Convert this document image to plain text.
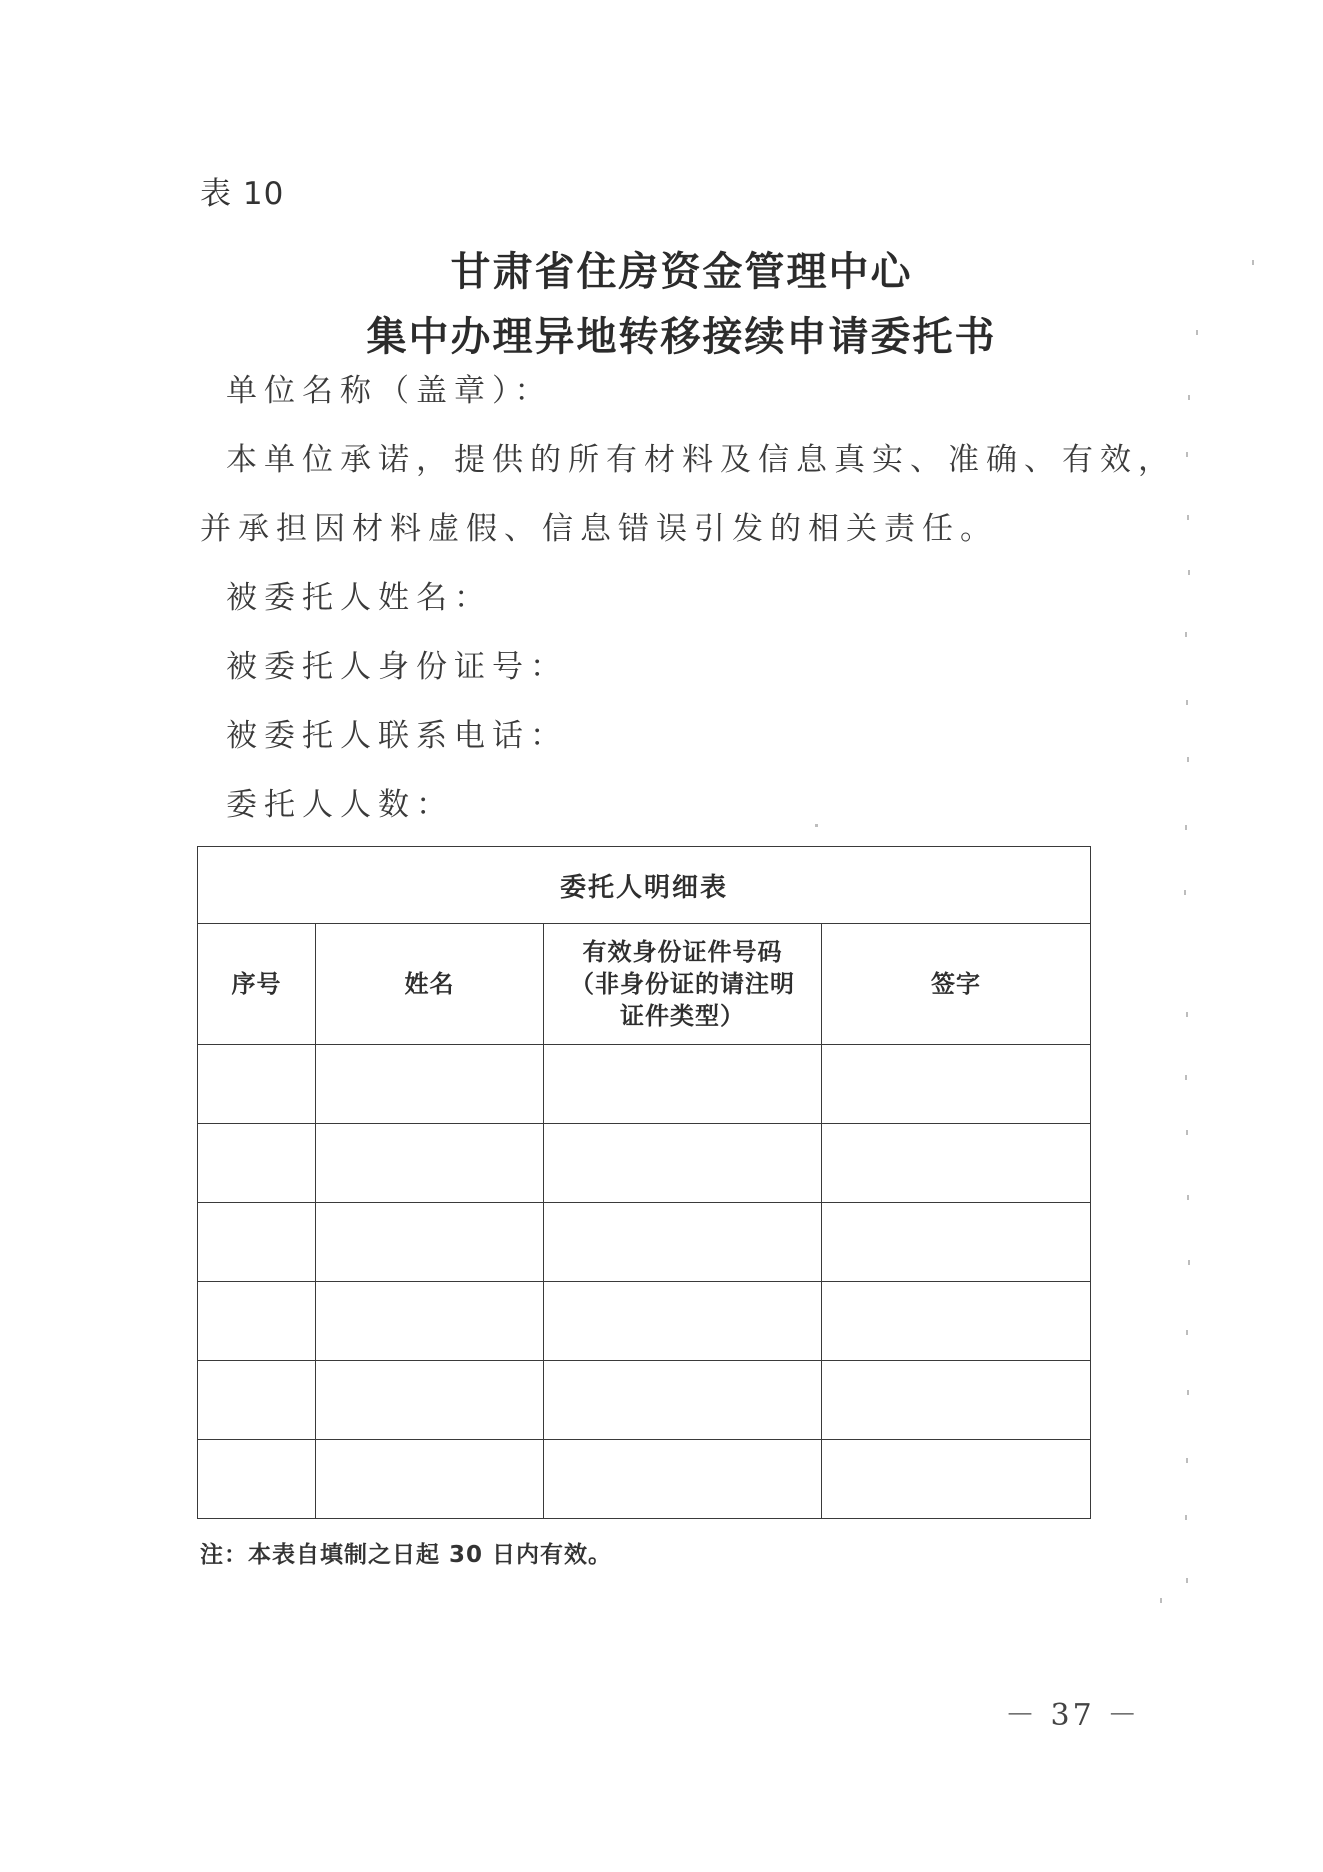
表 10
甘肃省住房资金管理中心
集中办理异地转移接续申请委托书
单位名称（盖章）：
本单位承诺，提供的所有材料及信息真实、准确、有效，
并承担因材料虚假、信息错误引发的相关责任。
被委托人姓名：
被委托人身份证号：
被委托人联系电话：
委托人人数：
委托人明细表			
序号	姓名	有效身份证件号码
（非身份证的请注明
证件类型）	签字

注：本表自填制之日起 30 日内有效。
－ 37 －
